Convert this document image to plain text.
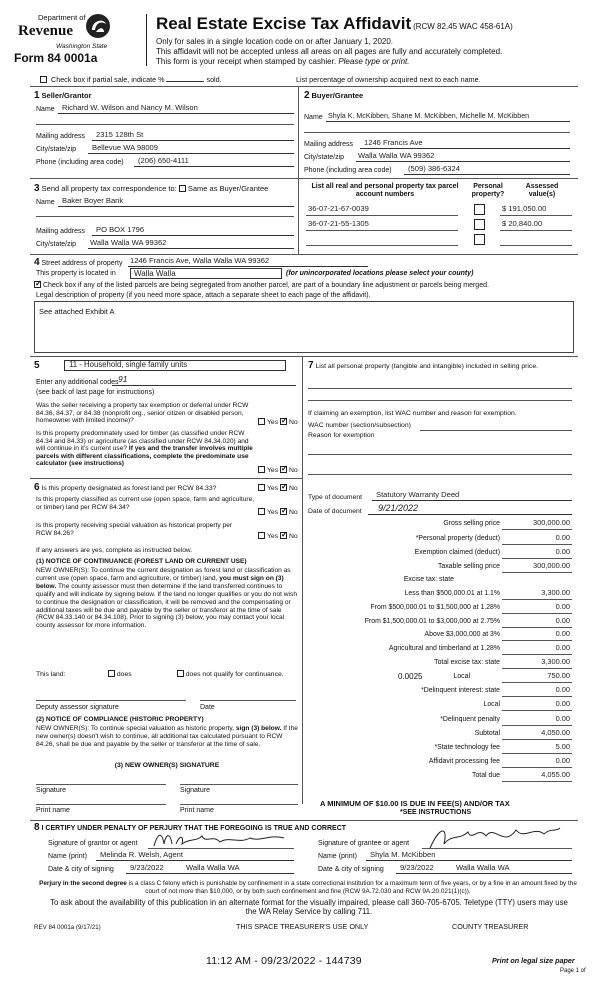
Department of
Revenue
Washington State
Form 84 0001a
Real Estate Excise Tax Affidavit (RCW 82.45 WAC 458-61A)
Only for sales in a single location code on or after January 1, 2020.
This affidavit will not be accepted unless all areas on all pages are fully and accurately completed.
This form is your receipt when stamped by cashier. Please type or print.
Check box if partial sale, indicate %	sold.	List percentage of ownership acquired next to each name.
1 Seller/Grantor
Name Richard W. Wilson and Nancy M. Wilson
Mailing address 2315 128th St
City/state/zip Bellevue WA 98009
Phone (including area code) (206) 650-4111
2 Buyer/Grantee
Name Shyla K. McKibben, Shane M. McKibben, Michelle M. McKibben
Mailing address 1246 Francis Ave
City/state/zip Walla Walla WA 99362
Phone (including area code) (509) 386-6324
3 Send all property tax correspondence to: Same as Buyer/Grantee
Name Baker Boyer Bank
Mailing address PO BOX 1796
City/state/zip Walla Walla WA 99362
List all real and personal property tax parcel account numbers
Personal property?
Assessed value(s)
36-07-21-67-0039	$ 191,050.00
36-07-21-55-1305	$ 20,840.00
4 Street address of property 1246 Francis Ave, Walla Walla WA 99362
This property is located in	Walla Walla	(for unincorporated locations please select your county)
✓Check box if any of the listed parcels are being segregated from another parcel, are part of a boundary line adjustment or parcels being merged.
Legal description of property (if you need more space, attach a separate sheet to each page of the affidavit).
See attached Exhibit A
5	11 - Household, single family units
Enter any additional codes 91
(see back of last page for instructions)
Was the seller receiving a property tax exemption or deferral under RCW 84.36, 84.37, or 84.38 (nonprofit org., senior citizen or disabled person, homeowner with limited income)?	Yes ✓ No
Is this property predominately used for timber (as classified under RCW 84.34 and 84.33) or agriculture (as classified under RCW 84.34.020) and will continue in it's current use? If yes and the transfer involves multiple parcels with different classifications, complete the predominate use calculator (see instructions)
Yes ✓ No
6 Is this property designated as forest land per RCW 84.33?	Yes ✓ No
Is this property classified as current use (open space, farm and agriculture, or timber) land per RCW 84.34?
Yes ✓ No
Is this property receiving special valuation as historical property per RCW 84.26?	Yes ✓ No
If any answers are yes, complete as instructed below.
(1) NOTICE OF CONTINUANCE (FOREST LAND OR CURRENT USE)
NEW OWNER(S): To continue the current designation as forest land or classification as current use (open space, farm and agriculture, or timber) land, you must sign on (3) below. The county assessor must then determine if the land transferred continues to qualify and will indicate by signing below. If the land no longer qualifies or you do not wish to continue the designation or classification, it will be removed and the compensating or additional taxes will be due and payable by the seller or transferor at the time of sale (RCW 84.33.140 or 84.34.108). Prior to signing (3) below, you may contact your local county assessor for more information.
This land:	does	does not qualify for continuance.
Deputy assessor signature	Date
(2) NOTICE OF COMPLIANCE (HISTORIC PROPERTY)
NEW OWNER(S): To continue special valuation as historic property, sign (3) below. If the new owner(s) doesn't wish to continue, all additional tax calculated pursuant to RCW 84.26, shall be due and payable by the seller or transferor at the time of sale.
(3) NEW OWNER(S) SIGNATURE
Signature	Signature
Print name	Print name
7 List all personal property (tangible and intangible) included in selling price.
If claiming an exemption, list WAC number and reason for exemption.
WAC number (section/subsection)
Reason for exemption
Type of document Statutory Warranty Deed
Date of document 9/21/2022
Gross selling price	300,000.00
*Personal property (deduct)	0.00
Exemption claimed (deduct)	0.00
Taxable selling price	300,000.00
Excise tax: state
Less than $500,000.01 at 1.1%	3,300.00
From $500,000.01 to $1,500,000 at 1.28%	0.00
From $1,500,000.01 to $3,000,000 at 2.75%	0.00
Above $3,000,000 at 3%	0.00
Agricultural and timberland at 1.28%	0.00
Total excise tax: state	3,300.00
Local
0.0025	750.00
*Delinquent interest: state	0.00
Local	0.00
*Delinquent penalty	0.00
Subtotal	4,050.00
*State technology fee	5.00
Affidavit processing fee	0.00
Total due	4,055.00
A MINIMUM OF $10.00 IS DUE IN FEE(S) AND/OR TAX
*SEE INSTRUCTIONS
8 I CERTIFY UNDER PENALTY OF PERJURY THAT THE FOREGOING IS TRUE AND CORRECT
Signature of grantor or agent
Name (print) Melinda R. Welsh, Agent
Date & city of signing 9/23/2022	Walla Walla WA
Signature of grantee or agent
Name (print) Shyla M. McKibben
Date & city of signing 9/23/2022	Walla Walla WA
Perjury in the second degree is a class C felony which is punishable by confinement in a state correctional institution for a maximum term of five years, or by a fine in an amount fixed by the court of not more than $10,000, or by both such confinement and fine (RCW 9A.72.030 and RCW 9A.20.021(1)(c)).
To ask about the availability of this publication in an alternate format for the visually impaired, please call 360-705-6705. Teletype (TTY) users may use the WA Relay Service by calling 711.
REV 84 0001a (9/17/21)	THIS SPACE TREASURER'S USE ONLY	COUNTY TREASURER
11:12 AM - 09/23/2022 - 144739	Print on legal size paper
Page 1 of
